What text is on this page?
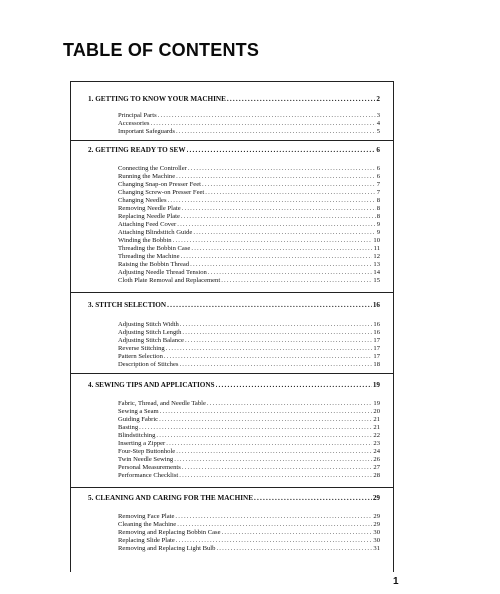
TABLE OF CONTENTS
1. GETTING TO KNOW YOUR MACHINE .....	2
Principal Parts .....	3
Accessories .....	4
Important Safeguards .....	5
2. GETTING READY TO SEW .....	6
Connecting the Controller .....	6
Running the Machine .....	6
Changing Snap-on Presser Feet .....	7
Changing Screw-on Presser Feet .....	7
Changing Needles .....	8
Removing Needle Plate .....	8
Replacing Needle Plate .....	8
Attaching Feed Cover .....	9
Attaching Blindstitch Guide .....	9
Winding the Bobbin .....	10
Threading the Bobbin Case .....	11
Threading the Machine .....	12
Raising the Bobbin Thread .....	13
Adjusting Needle Thread Tension .....	14
Cloth Plate Removal and Replacement .....	15
3. STITCH SELECTION .....	16
Adjusting Stitch Width .....	16
Adjusting Stitch Length .....	16
Adjusting Stitch Balance .....	17
Reverse Stitching .....	17
Pattern Selection .....	17
Description of Stitches .....	18
4. SEWING TIPS AND APPLICATIONS .....	19
Fabric, Thread, and Needle Table .....	19
Sewing a Seam .....	20
Guiding Fabric .....	21
Basting .....	21
Blindstitching .....	22
Inserting a Zipper .....	23
Four-Step Buttonhole .....	24
Twin Needle Sewing .....	26
Personal Measurements .....	27
Performance Checklist .....	28
5. CLEANING AND CARING FOR THE MACHINE .....	29
Removing Face Plate .....	29
Cleaning the Machine .....	29
Removing and Replacing Bobbin Case .....	30
Replacing Slide Plate .....	30
Removing and Replacing Light Bulb .....	31
1
